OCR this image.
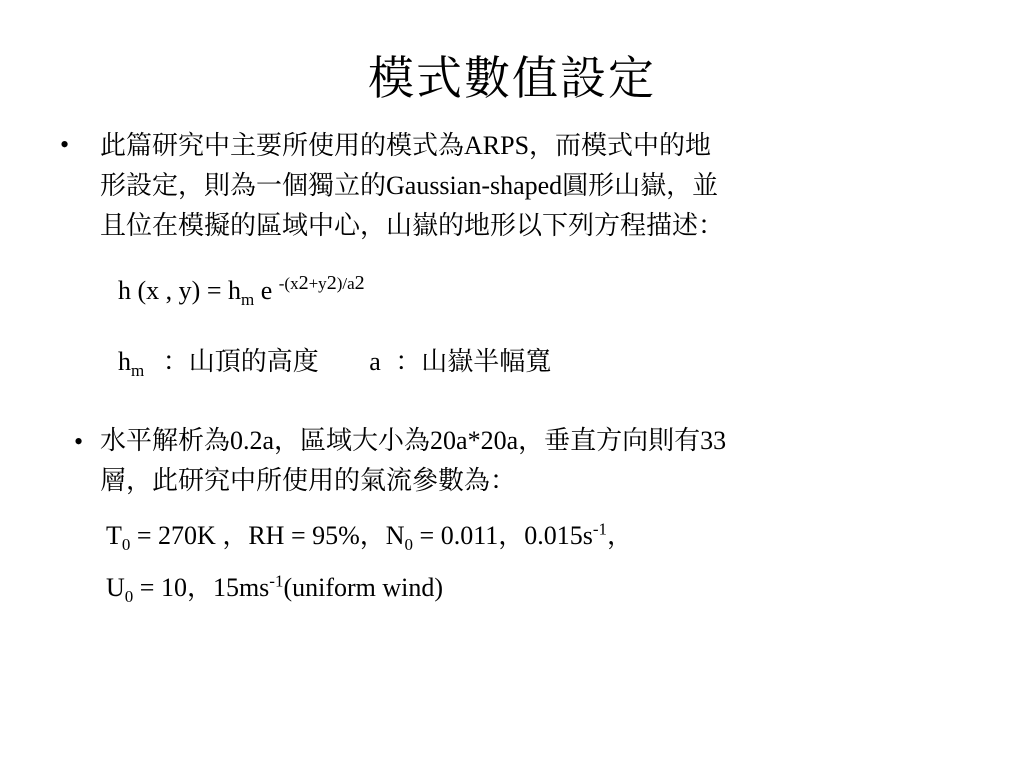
模式數值設定
• 此篇研究中主要所使用的模式為ARPS，而模式中的地
形設定，則為一個獨立的Gaussian-shaped圓形山嶽，並
且位在模擬的區域中心，山嶽的地形以下列方程描述：
h (x , $y) = h_m$ e $^{-(x2+y2)/a2}$
$h_m$ ：山頂的高度 a ：山嶽半幅寬
• 水平解析為0.2a，區域大小為20a*20a，垂直方向則有33
層，此研究中所使用的氣流參數為：
$T_0 = 270K$ ，RH = 95%，$N_0 = 0.011$，$0.015s^{-1}$，
$U_0 = 10$，$15ms^{-1}(uniform$ wind)
